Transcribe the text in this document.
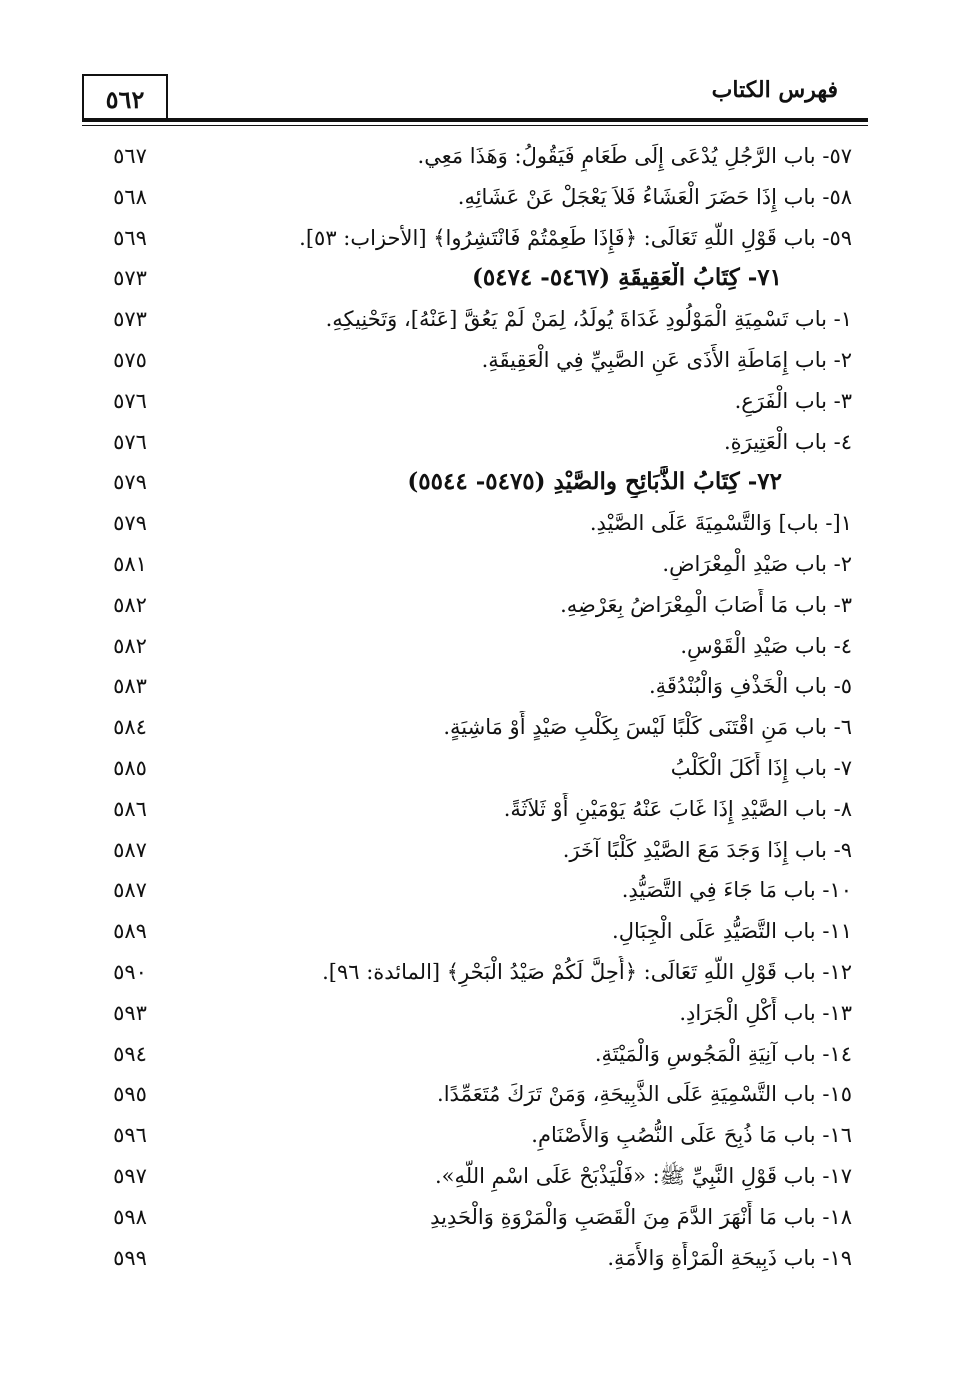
٥٦٢	فهرس الكتاب
٥٧- باب الرَّجُلِ يُدْعَى إِلَى طَعَامٍ فَيَقُولُ: وَهَذَا مَعِي.
٥٦٧
٥٨- باب إِذَا حَضَرَ الْعَشَاءُ فَلاَ يَعْجَلْ عَنْ عَشَائِهِ.
٥٦٨
٥٩- باب قَوْلِ اللَّهِ تَعَالَى: ﴿فَإِذَا طَعِمْتُمْ فَانْتَشِرُوا﴾ [الأحزاب: ٥٣].
٥٦٩
٧١- كِتَابُ الْعَقِيقَةِ (٥٤٦٧- ٥٤٧٤)
٥٧٣
١- باب تَسْمِيَةِ الْمَوْلُودِ غَدَاةَ يُولَدُ، لِمَنْ لَمْ يَعُقَّ [عَنْهُ]، وَتَحْنِيكِهِ.
٥٧٣
٢- باب إِمَاطَةِ الأَذَى عَنِ الصَّبِيِّ فِي الْعَقِيقَةِ.
٥٧٥
٣- باب الْفَرَعِ.
٥٧٦
٤- باب الْعَتِيرَةِ.
٥٧٦
٧٢- كِتَابُ الذَّبَائِحِ والصَّيْدِ (٥٤٧٥- ٥٥٤٤)
٥٧٩
١[- باب] وَالتَّسْمِيَةَ عَلَى الصَّيْدِ.
٥٧٩
٢- باب صَيْدِ الْمِعْرَاضِ.
٥٨١
٣- باب مَا أَصَابَ الْمِعْرَاضُ بِعَرْضِهِ.
٥٨٢
٤- باب صَيْدِ الْقَوْسِ.
٥٨٢
٥- باب الْخَذْفِ وَالْبُنْدُقَةِ.
٥٨٣
٦- باب مَنِ اقْتَنَى كَلْبًا لَيْسَ بِكَلْبِ صَيْدٍ أَوْ مَاشِيَةٍ.
٥٨٤
٧- باب إِذَا أَكَلَ الْكَلْبُ
٥٨٥
٨- باب الصَّيْدِ إِذَا غَابَ عَنْهُ يَوْمَيْنِ أَوْ ثَلاَثَةً.
٥٨٦
٩- باب إِذَا وَجَدَ مَعَ الصَّيْدِ كَلْبًا آخَرَ.
٥٨٧
١٠- باب مَا جَاءَ فِي التَّصَيُّدِ.
٥٨٧
١١- باب التَّصَيُّدِ عَلَى الْجِبَالِ.
٥٨٩
١٢- باب قَوْلِ اللَّهِ تَعَالَى: ﴿أُحِلَّ لَكُمْ صَيْدُ الْبَحْرِ﴾ [المائدة: ٩٦].
٥٩٠
١٣- باب أَكْلِ الْجَرَادِ.
٥٩٣
١٤- باب آنِيَةِ الْمَجُوسِ وَالْمَيْتَةِ.
٥٩٤
١٥- باب التَّسْمِيَةِ عَلَى الذَّبِيحَةِ، وَمَنْ تَرَكَ مُتَعَمِّدًا.
٥٩٥
١٦- باب مَا ذُبِحَ عَلَى النُّصُبِ وَالأَصْنَامِ.
٥٩٦
١٧- باب قَوْلِ النَّبِيِّ ﷺ: «فَلْيَذْبَحْ عَلَى اسْمِ اللَّهِ».
٥٩٧
١٨- باب مَا أَنْهَرَ الدَّمَ مِنَ الْقَصَبِ وَالْمَرْوَةِ وَالْحَدِيدِ
٥٩٨
١٩- باب ذَبِيحَةِ الْمَرْأَةِ وَالأَمَةِ.
٥٩٩
